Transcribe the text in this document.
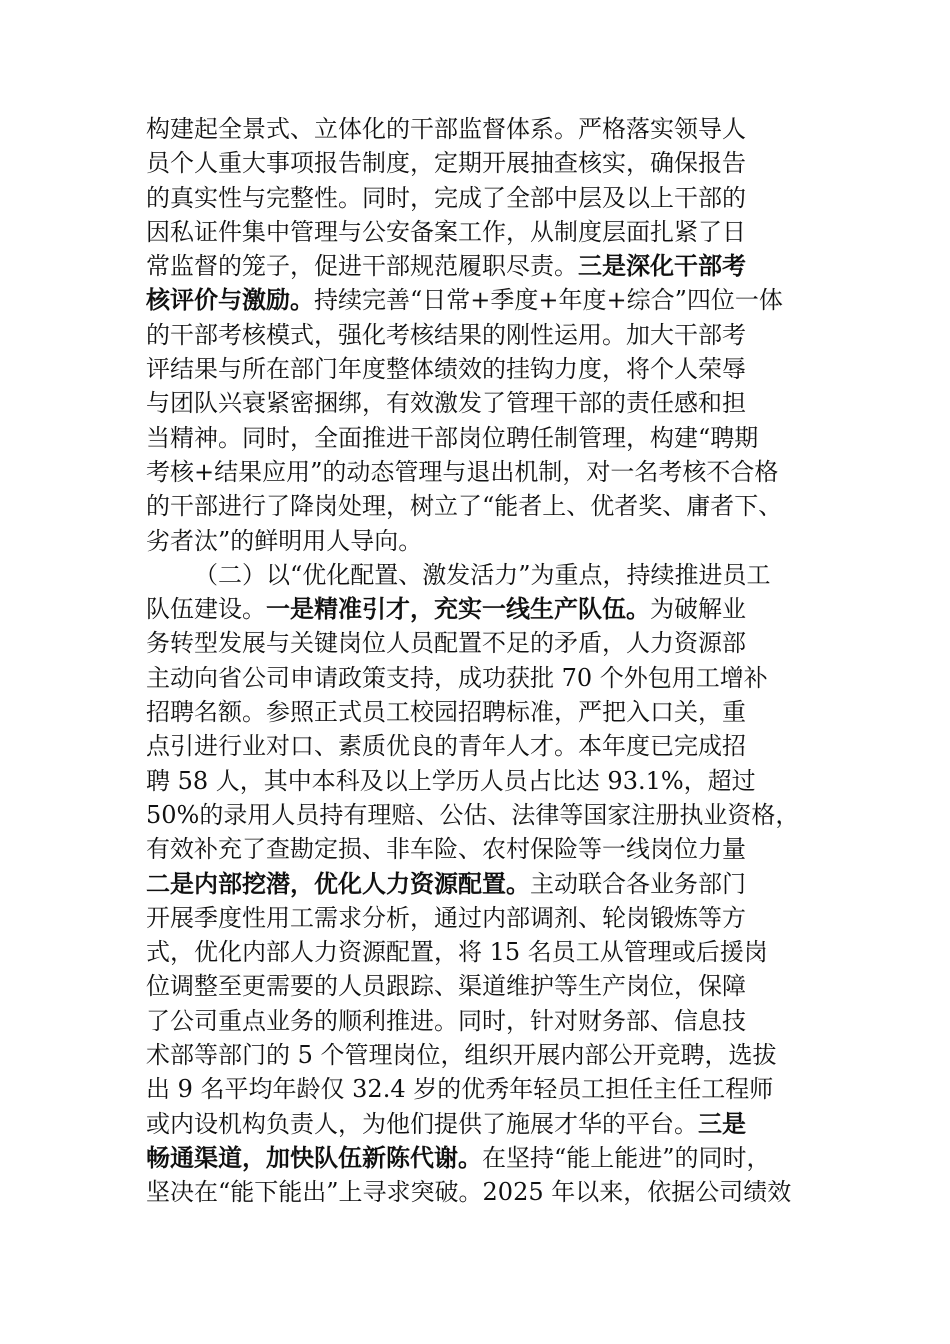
构建起全景式、立体化的干部监督体系。严格落实领导人
员个人重大事项报告制度，定期开展抽查核实，确保报告
的真实性与完整性。同时，完成了全部中层及以上干部的
因私证件集中管理与公安备案工作，从制度层面扎紧了日
常监督的笼子，促进干部规范履职尽责。三是深化干部考
核评价与激励。持续完善“日常+季度+年度+综合”四位一体
的干部考核模式，强化考核结果的刚性运用。加大干部考
评结果与所在部门年度整体绩效的挂钩力度，将个人荣辱
与团队兴衰紧密捆绑，有效激发了管理干部的责任感和担
当精神。同时，全面推进干部岗位聘任制管理，构建“聘期
考核+结果应用”的动态管理与退出机制，对一名考核不合格
的干部进行了降岗处理，树立了“能者上、优者奖、庸者下、
劣者汰”的鲜明用人导向。
（二）以“优化配置、激发活力”为重点，持续推进员工
队伍建设。一是精准引才，充实一线生产队伍。为破解业
务转型发展与关键岗位人员配置不足的矛盾，人力资源部
主动向省公司申请政策支持，成功获批 70 个外包用工增补
招聘名额。参照正式员工校园招聘标准，严把入口关，重
点引进行业对口、素质优良的青年人才。本年度已完成招
聘 58 人，其中本科及以上学历人员占比达 93.1%，超过
50%的录用人员持有理赔、公估、法律等国家注册执业资格，
有效补充了查勘定损、非车险、农村保险等一线岗位力量
二是内部挖潜，优化人力资源配置。主动联合各业务部门
开展季度性用工需求分析，通过内部调剂、轮岗锻炼等方
式，优化内部人力资源配置，将 15 名员工从管理或后援岗
位调整至更需要的人员跟踪、渠道维护等生产岗位，保障
了公司重点业务的顺利推进。同时，针对财务部、信息技
术部等部门的 5 个管理岗位，组织开展内部公开竞聘，选拔
出 9 名平均年龄仅 32.4 岁的优秀年轻员工担任主任工程师
或内设机构负责人，为他们提供了施展才华的平台。三是
畅通渠道，加快队伍新陈代谢。在坚持“能上能进”的同时，
坚决在“能下能出”上寻求突破。2025 年以来，依据公司绩效
